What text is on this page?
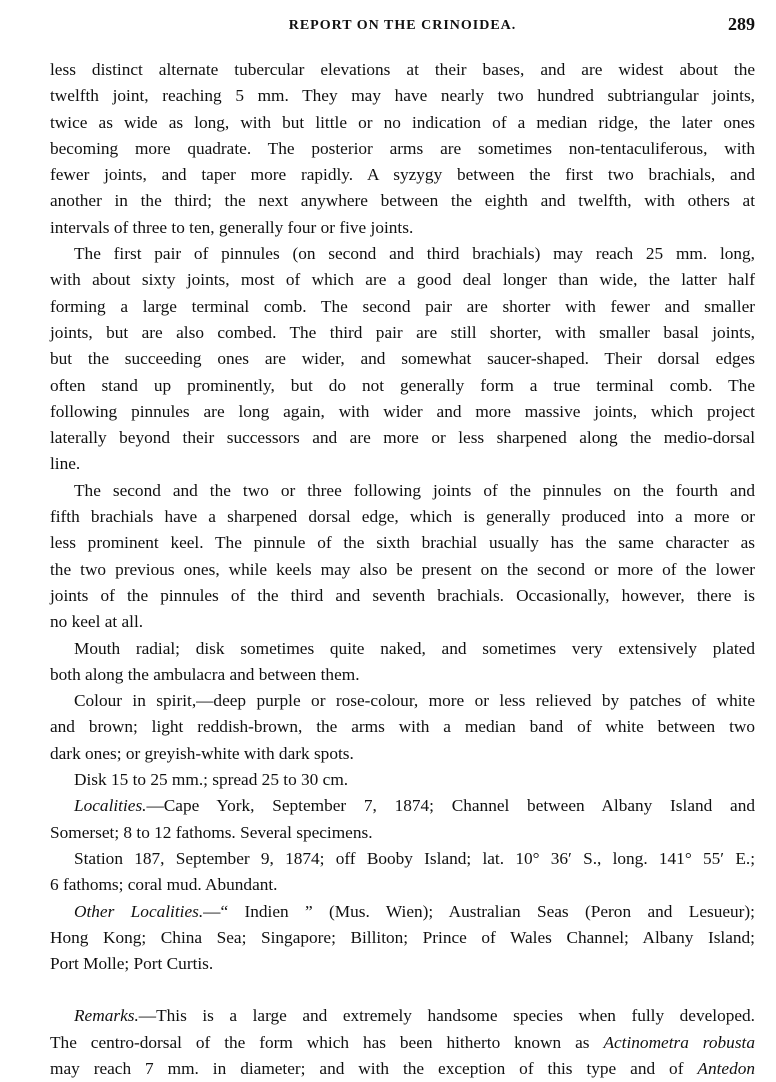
REPORT ON THE CRINOIDEA.	289
less distinct alternate tubercular elevations at their bases, and are widest about the
twelfth joint, reaching 5 mm. They may have nearly two hundred subtriangular joints,
twice as wide as long, with but little or no indication of a median ridge, the later ones
becoming more quadrate. The posterior arms are sometimes non-tentaculiferous, with
fewer joints, and taper more rapidly. A syzygy between the first two brachials, and
another in the third; the next anywhere between the eighth and twelfth, with others at
intervals of three to ten, generally four or five joints.
The first pair of pinnules (on second and third brachials) may reach 25 mm. long,
with about sixty joints, most of which are a good deal longer than wide, the latter half
forming a large terminal comb. The second pair are shorter with fewer and smaller
joints, but are also combed. The third pair are still shorter, with smaller basal joints,
but the succeeding ones are wider, and somewhat saucer-shaped. Their dorsal edges
often stand up prominently, but do not generally form a true terminal comb. The
following pinnules are long again, with wider and more massive joints, which project
laterally beyond their successors and are more or less sharpened along the medio-dorsal
line.
The second and the two or three following joints of the pinnules on the fourth and
fifth brachials have a sharpened dorsal edge, which is generally produced into a more or
less prominent keel. The pinnule of the sixth brachial usually has the same character as
the two previous ones, while keels may also be present on the second or more of the lower
joints of the pinnules of the third and seventh brachials. Occasionally, however, there is
no keel at all.
Mouth radial; disk sometimes quite naked, and sometimes very extensively plated
both along the ambulacra and between them.
Colour in spirit,—deep purple or rose-colour, more or less relieved by patches of white
and brown; light reddish-brown, the arms with a median band of white between two
dark ones; or greyish-white with dark spots.
Disk 15 to 25 mm.; spread 25 to 30 cm.
Localities.—Cape York, September 7, 1874; Channel between Albany Island and
Somerset; 8 to 12 fathoms. Several specimens.
Station 187, September 9, 1874; off Booby Island; lat. 10° 36′ S., long. 141° 55′ E.;
6 fathoms; coral mud. Abundant.
Other Localities.—“ Indien ” (Mus. Wien); Australian Seas (Peron and Lesueur);
Hong Kong; China Sea; Singapore; Billiton; Prince of Wales Channel; Albany Island;
Port Molle; Port Curtis.
Remarks.—This is a large and extremely handsome species when fully developed.
The centro-dorsal of the form which has been hitherto known as Actinometra robusta
may reach 7 mm. in diameter; and with the exception of this type and of Antedon
